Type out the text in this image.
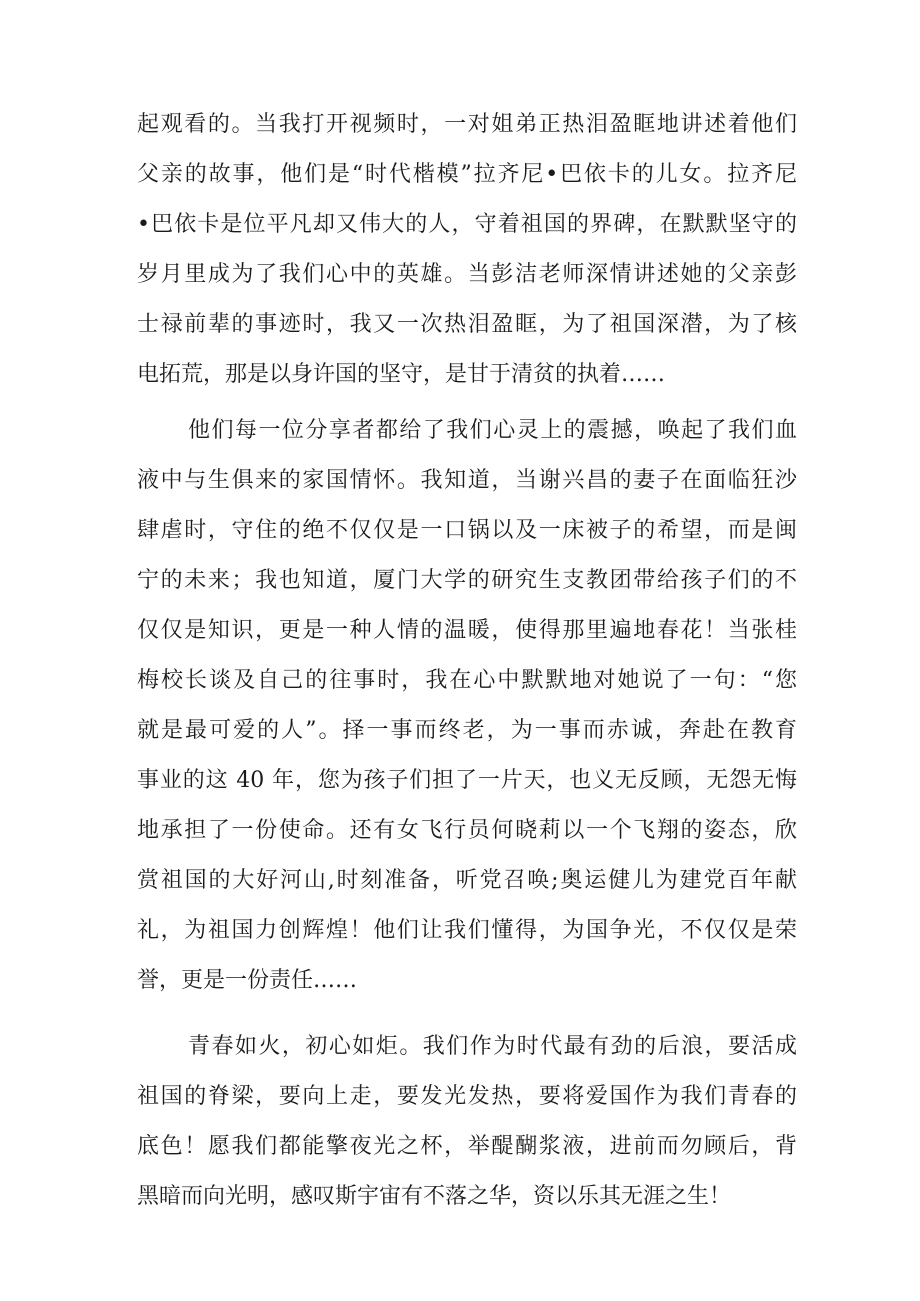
起观看的。当我打开视频时，一对姐弟正热泪盈眶地讲述着他们
父亲的故事，他们是“时代楷模”拉齐尼•巴依卡的儿女。拉齐尼
•巴依卡是位平凡却又伟大的人，守着祖国的界碑，在默默坚守的
岁月里成为了我们心中的英雄。当彭洁老师深情讲述她的父亲彭
士禄前辈的事迹时，我又一次热泪盈眶，为了祖国深潜，为了核
电拓荒，那是以身许国的坚守，是甘于清贫的执着……
他们每一位分享者都给了我们心灵上的震撼，唤起了我们血
液中与生俱来的家国情怀。我知道，当谢兴昌的妻子在面临狂沙
肆虐时，守住的绝不仅仅是一口锅以及一床被子的希望，而是闽
宁的未来；我也知道，厦门大学的研究生支教团带给孩子们的不
仅仅是知识，更是一种人情的温暖，使得那里遍地春花！当张桂
梅校长谈及自己的往事时，我在心中默默地对她说了一句：“您
就是最可爱的人”。择一事而终老，为一事而赤诚，奔赴在教育
事业的这 40 年，您为孩子们担了一片天，也义无反顾，无怨无悔
地承担了一份使命。还有女飞行员何晓莉以一个飞翔的姿态，欣
赏祖国的大好河山,时刻准备，听党召唤;奥运健儿为建党百年献
礼，为祖国力创辉煌！他们让我们懂得，为国争光，不仅仅是荣
誉，更是一份责任……
青春如火，初心如炬。我们作为时代最有劲的后浪，要活成
祖国的脊梁，要向上走，要发光发热，要将爱国作为我们青春的
底色！愿我们都能擎夜光之杯，举醍醐浆液，进前而勿顾后，背
黑暗而向光明，感叹斯宇宙有不落之华，资以乐其无涯之生！
